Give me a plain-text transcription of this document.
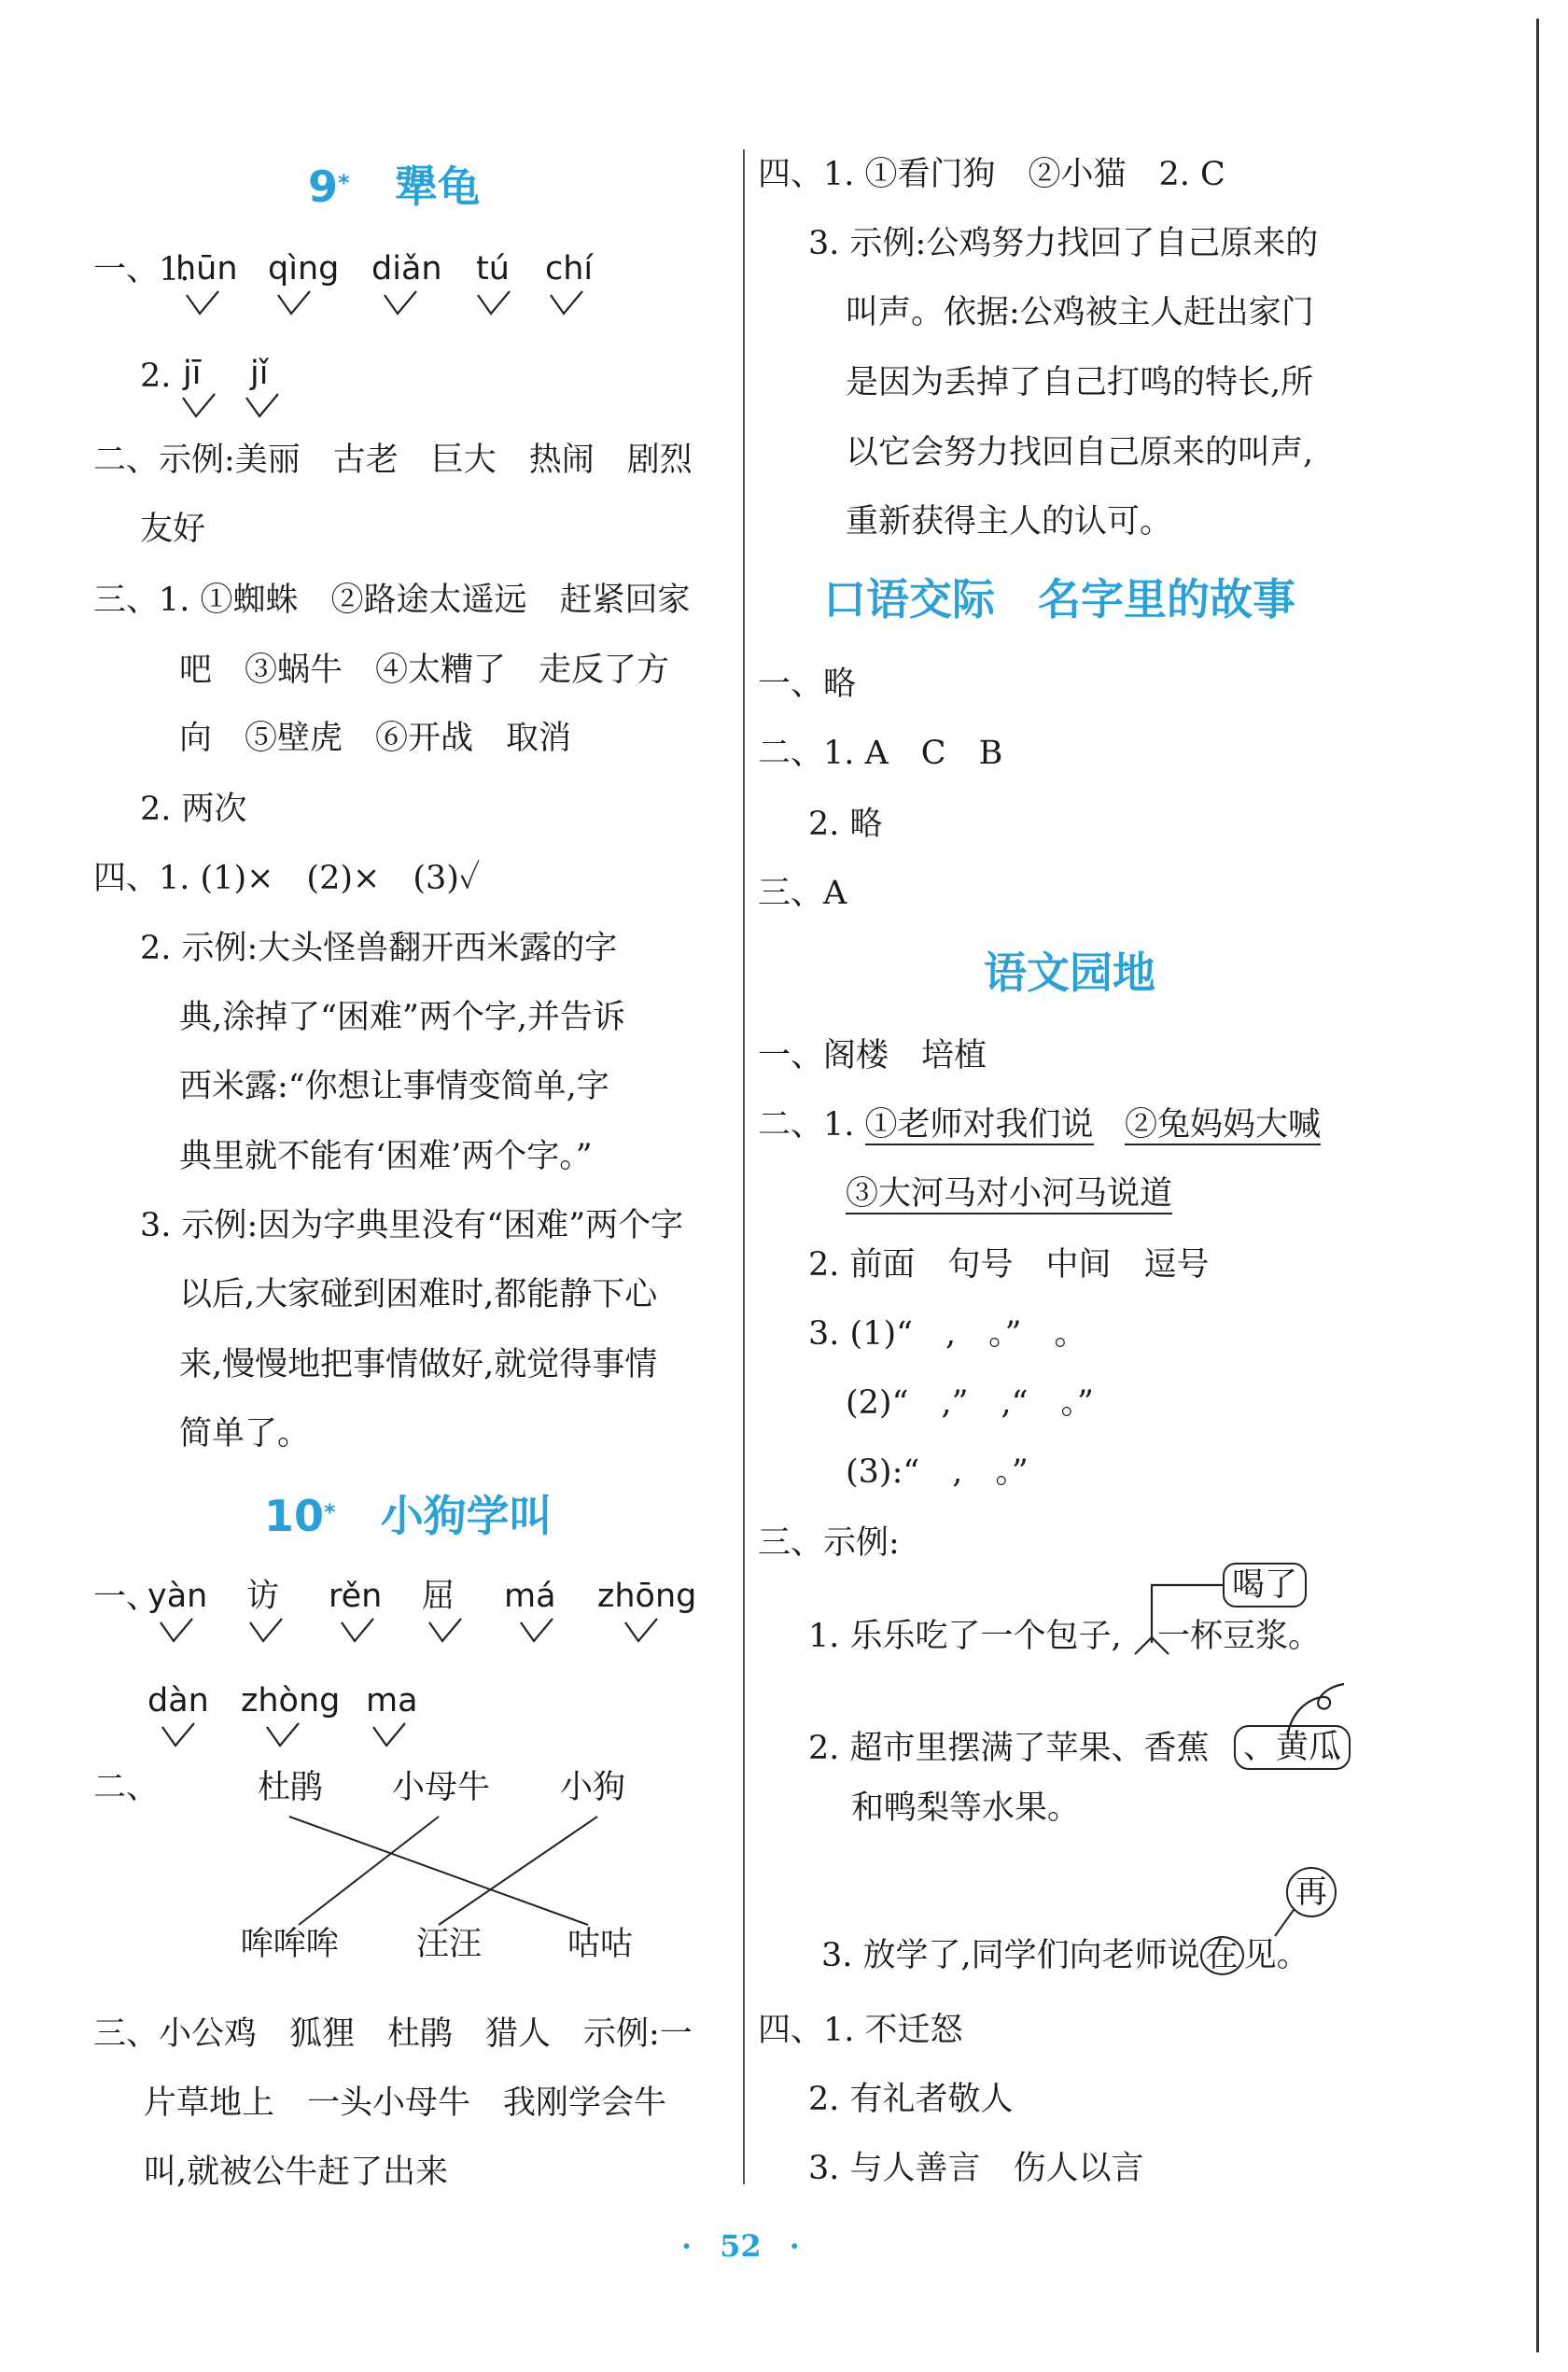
9* 犟龟
一、1.
hūn qìng diǎn tú chí
2. jī jǐ
二、示例:美丽　古老　巨大　热闹　剧烈
友好
三、1. ①蜘蛛　②路途太遥远　赶紧回家
吧　③蜗牛　④太糟了　走反了方
向　⑤壁虎　⑥开战　取消
2. 两次
四、1. (1)×　(2)×　(3)✓
2. 示例:大头怪兽翻开西米露的字
典,涂掉了“困难”两个字,并告诉
西米露:“你想让事情变简单,字
典里就不能有‘困难’两个字。”
3. 示例:因为字典里没有“困难”两个字
以后,大家碰到困难时,都能静下心
来,慢慢地把事情做好,就觉得事情
简单了。
10* 小狗学叫
一、
yàn 访 rěn 屈 má zhōng
dàn zhòng ma
二、	杜鹃 小母牛 小狗
哞哞哞 汪汪	咕咕
三、小公鸡　狐狸　杜鹃　猎人　示例:一
片草地上　一头小母牛　我刚学会牛
叫,就被公牛赶了出来
四、1. ①看门狗　②小猫　2. C
3. 示例:公鸡努力找回了自己原来的
叫声。依据:公鸡被主人赶出家门
是因为丢掉了自己打鸣的特长,所
以它会努力找回自己原来的叫声,
重新获得主人的认可。
口语交际　名字里的故事
一、略
二、1. A　C　B
2. 略
三、A
语文园地
一、阁楼　培植
二、1. ①老师对我们说 ②兔妈妈大喊
③大河马对小河马说道
2. 前面　句号　中间　逗号
3. (1)“　,　。”　。
(2)“　,”　,“　。”
(3):“　,　。”
三、示例:
喝了
1. 乐乐吃了一个包子, 一杯豆浆。
2. 超市里摆满了苹果、香蕉 、黄瓜
和鸭梨等水果。
再
3. 放学了,同学们向老师说 在 见。
四、1. 不迁怒
2. 有礼者敬人
3. 与人善言　伤人以言
· 52 ·
